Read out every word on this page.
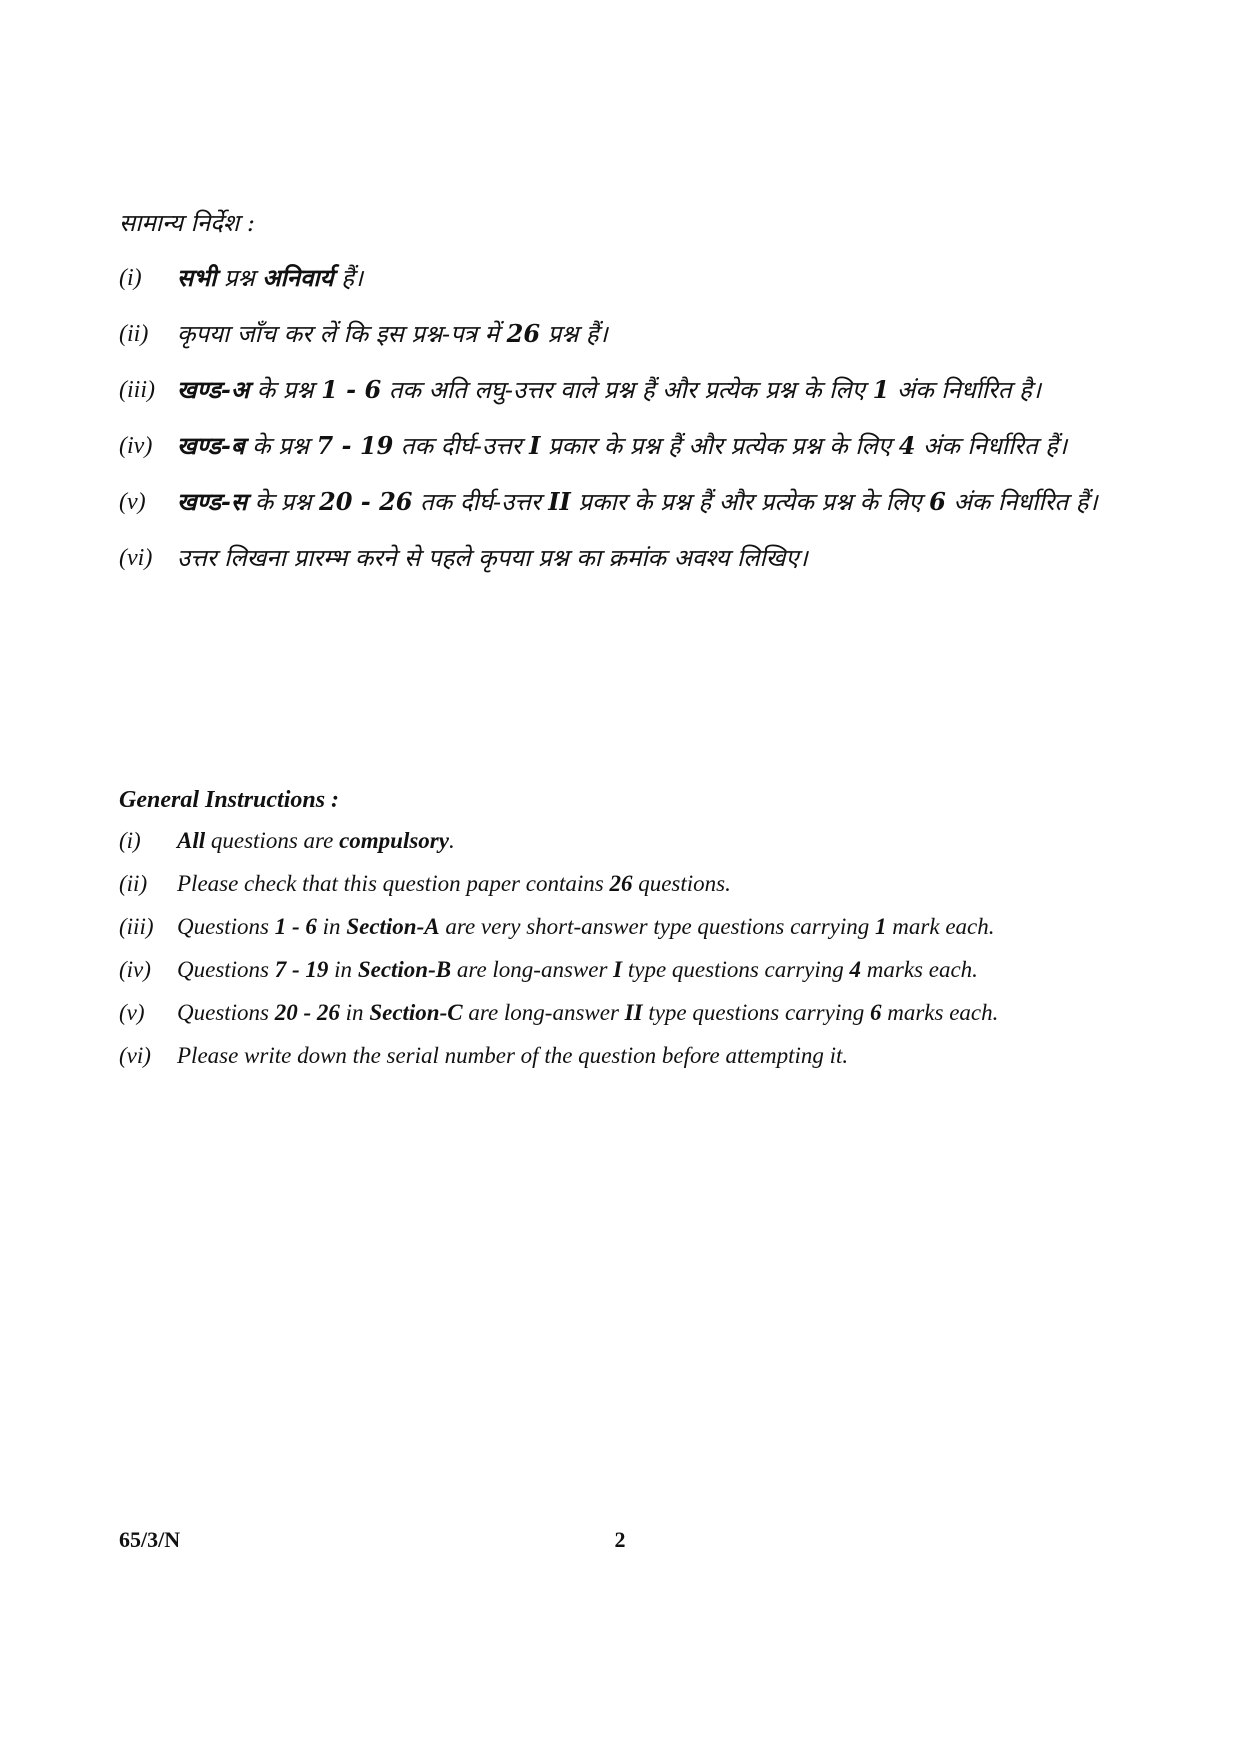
सामान्य निर्देश :
(i)	सभी प्रश्न अनिवार्य हैं।
(ii)	कृपया जाँच कर लें कि इस प्रश्न-पत्र में 26 प्रश्न हैं।
(iii) खण्ड-अ के प्रश्न 1 - 6 तक अति लघु-उत्तर वाले प्रश्न हैं और प्रत्येक प्रश्न के लिए 1 अंक निर्धारित है।
(iv)	खण्ड-ब के प्रश्न 7 - 19 तक दीर्घ-उत्तर I प्रकार के प्रश्न हैं और प्रत्येक प्रश्न के लिए 4 अंक निर्धारित हैं।
(v)	खण्ड-स के प्रश्न 20 - 26 तक दीर्घ-उत्तर II प्रकार के प्रश्न हैं और प्रत्येक प्रश्न के लिए 6 अंक निर्धारित हैं।
(vi)	उत्तर लिखना प्रारम्भ करने से पहले कृपया प्रश्न का क्रमांक अवश्य लिखिए।
General Instructions :
(i)	All questions are compulsory.
(ii)	Please check that this question paper contains 26 questions.
(iii)	Questions 1 - 6 in Section-A are very short-answer type questions carrying 1 mark each.
(iv)	Questions 7 - 19 in Section-B are long-answer I type questions carrying 4 marks each.
(v)	Questions 20 - 26 in Section-C are long-answer II type questions carrying 6 marks each.
(vi)	Please write down the serial number of the question before attempting it.
65/3/N	2
